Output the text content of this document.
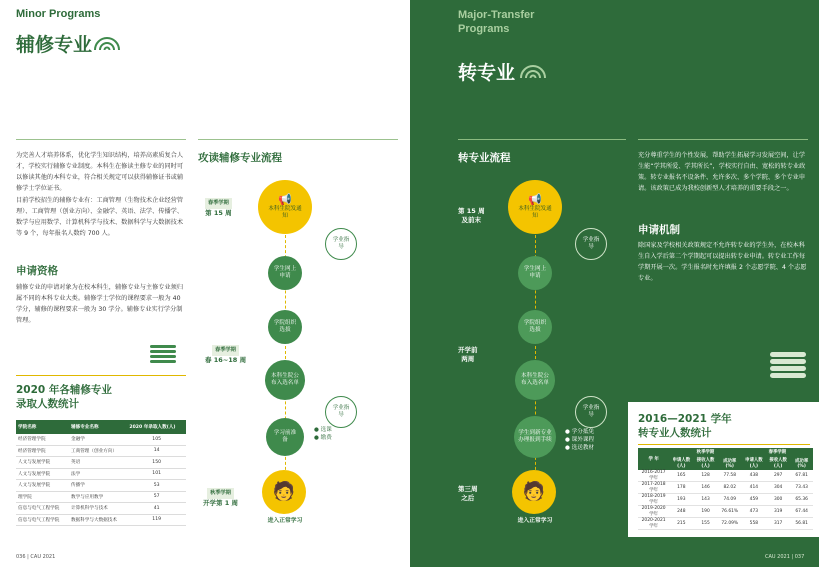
Minor Programs
辅修专业
为完善人才培养体系，优化学生知识结构，培养高素质复合人才，学校实行辅修专业制度。本科生在修读主修专业的同时可以修读其他的本科专业，符合相关规定可以获得辅修证书或辅修学士学位证书。
目前学校招生的辅修专业有：工商管理（生物技术企业经营管理）、工商管理（创业方向）、金融学、英语、法学、传播学、数学与应用数学、计算机科学与技术、数据科学与大数据技术等 9 个，每年报名人数约 700 人。
申请资格
辅修专业的申请对象为在校本科生，辅修专业与主修专业须归属不同的本科专业大类。辅修学士学位的课程要求一般为 40 学分，辅修的课程要求一般为 30 学分。辅修专业实行学分制管理。
2020 年各辅修专业
录取人数统计
学院名称	辅修专业名称	2020 年录取人数(人)
经济管理学院	金融学	105
经济管理学院	工商管理（创业方向）	14
人文与发展学院	英语	150
人文与发展学院	法学	101
人文与发展学院	传播学	53
理学院	数学与应用数学	57
信息与电气工程学院	计算机科学与技术	41
信息与电气工程学院	数据科学与大数据技术	119
攻读辅修专业流程
春季学期
第 15 周
春季学期
春 16~18 周
秋季学期
开学第 1 周
📢
本科生院发通知
学业指导
学生网上申请
学院组织选拔
本科生院公布入选名单
学业指导
学习前准备
● 选课
● 缴费
🧑
进入正常学习
036 | CAU 2021
Major-Transfer
Programs
转专业
转专业流程
第 15 周
及前末
开学前
两周
第三周
之后
📢
本科生院发通知
学业指导
学生网上申请
学院组织选拔
本科生院公布入选名单
学业指导
学生到新专业办理报到手续
● 学分抵免
● 课外课程
● 选送教材
🧑
进入正常学习
充分尊重学生的个性发展，帮助学生拓展学习发展空间，让学生能“学其所爱、学其所长”，学校实行自由、宽松的转专业政策。转专业报名不设条件、允许多次、多个学院、多个专业申请。该政策已成为我校创新型人才培养的重要手段之一。
申请机制
除国家及学校相关政策规定不允许转专业的学生外，在校本科生自入学后第二个学期起可以提出转专业申请。转专业工作每学期开展一次。学生报名时允许填报 2 个志愿学院、4 个志愿专业。
2016—2021 学年
转专业人数统计
学 年	秋季学期			春季学期		
	申请人数(人)	接收人数(人)	成功率(%)	申请人数(人)	接收人数(人)	成功率(%)
2016-2017 学年	165	128	77.58	438	297	67.81
2017-2018 学年	178	146	82.02	414	304	73.43
2018-2019 学年	193	143	74.09	459	300	65.36
2019-2020 学年	248	190	76.61%	473	319	67.44
2020-2021 学年	215	155	72.09%	558	317	56.81
CAU 2021 | 037
